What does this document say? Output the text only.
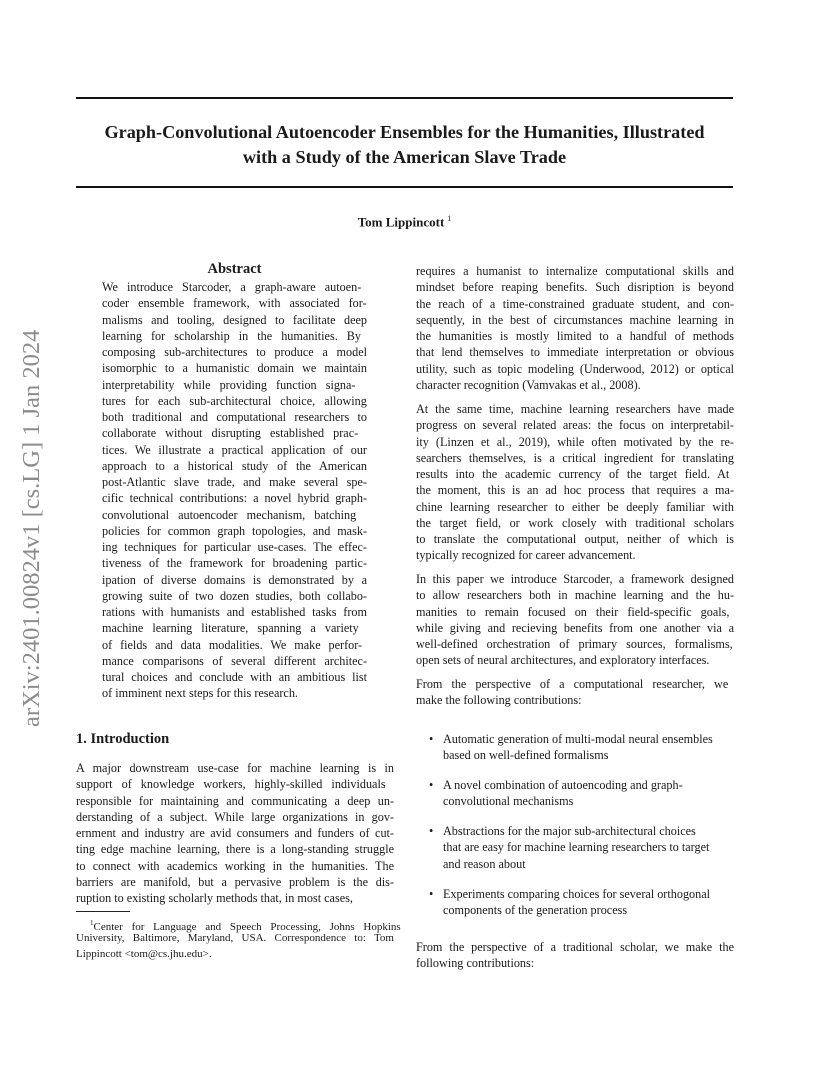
Graph-Convolutional Autoencoder Ensembles for the Humanities, Illustrated
with a Study of the American Slave Trade
Tom Lippincott $^1$
arXiv:2401.00824v1 [cs.LG] 1 Jan 2024
Abstract
We introduce Starcoder, a graph-aware autoen-
coder ensemble framework, with associated for-
malisms and tooling, designed to facilitate deep
learning for scholarship in the humanities. By
composing sub-architectures to produce a model
isomorphic to a humanistic domain we maintain
interpretability while providing function signa-
tures for each sub-architectural choice, allowing
both traditional and computational researchers to
collaborate without disrupting established prac-
tices. We illustrate a practical application of our
approach to a historical study of the American
post-Atlantic slave trade, and make several spe-
cific technical contributions: a novel hybrid graph-
convolutional autoencoder mechanism, batching
policies for common graph topologies, and mask-
ing techniques for particular use-cases. The effec-
tiveness of the framework for broadening partic-
ipation of diverse domains is demonstrated by a
growing suite of two dozen studies, both collabo-
rations with humanists and established tasks from
machine learning literature, spanning a variety
of fields and data modalities. We make perfor-
mance comparisons of several different architec-
tural choices and conclude with an ambitious list
of imminent next steps for this research.
1. Introduction
A major downstream use-case for machine learning is in
support of knowledge workers, highly-skilled individuals
responsible for maintaining and communicating a deep un-
derstanding of a subject. While large organizations in gov-
ernment and industry are avid consumers and funders of cut-
ting edge machine learning, there is a long-standing struggle
to connect with academics working in the humanities. The
barriers are manifold, but a pervasive problem is the dis-
ruption to existing scholarly methods that, in most cases,
$^1$Center for Language and Speech Processing, Johns Hopkins
University, Baltimore, Maryland, USA. Correspondence to: Tom
Lippincott <tom@cs.jhu.edu>.
requires a humanist to internalize computational skills and
mindset before reaping benefits. Such disription is beyond
the reach of a time-constrained graduate student, and con-
sequently, in the best of circumstances machine learning in
the humanities is mostly limited to a handful of methods
that lend themselves to immediate interpretation or obvious
utility, such as topic modeling (Underwood, 2012) or optical
character recognition (Vamvakas et al., 2008).
At the same time, machine learning researchers have made
progress on several related areas: the focus on interpretabil-
ity (Linzen et al., 2019), while often motivated by the re-
searchers themselves, is a critical ingredient for translating
results into the academic currency of the target field. At
the moment, this is an ad hoc process that requires a ma-
chine learning researcher to either be deeply familiar with
the target field, or work closely with traditional scholars
to translate the computational output, neither of which is
typically recognized for career advancement.
In this paper we introduce Starcoder, a framework designed
to allow researchers both in machine learning and the hu-
manities to remain focused on their field-specific goals,
while giving and recieving benefits from one another via a
well-defined orchestration of primary sources, formalisms,
open sets of neural architectures, and exploratory interfaces.
From the perspective of a computational researcher, we
make the following contributions:
• Automatic generation of multi-modal neural ensembles
based on well-defined formalisms
• A novel combination of autoencoding and graph-
convolutional mechanisms
• Abstractions for the major sub-architectural choices
that are easy for machine learning researchers to target
and reason about
• Experiments comparing choices for several orthogonal
components of the generation process
From the perspective of a traditional scholar, we make the
following contributions:
